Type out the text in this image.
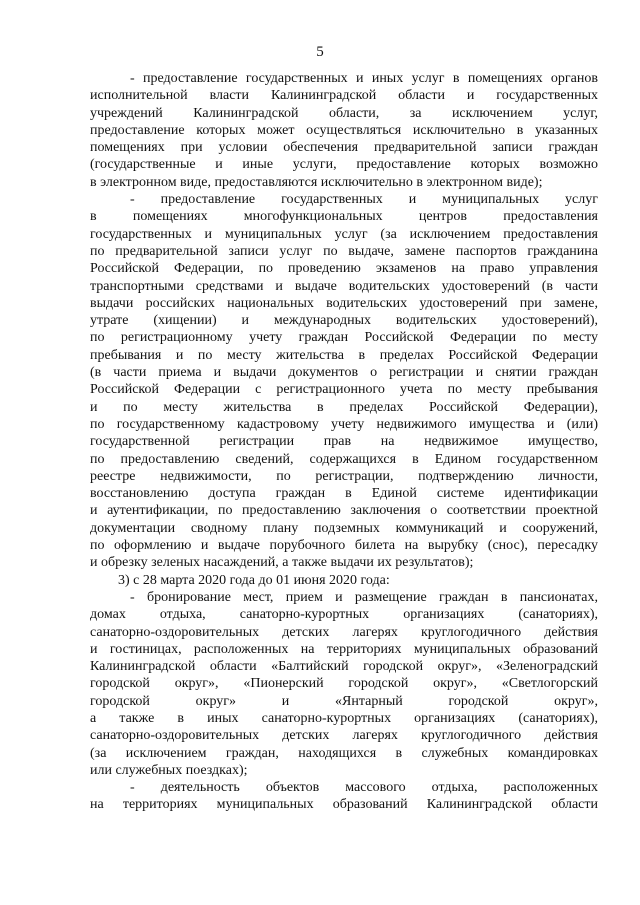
5
- предоставление государственных и иных услуг в помещениях органов
исполнительной власти Калининградской области и государственных
учреждений Калининградской области, за исключением услуг,
предоставление которых может осуществляться исключительно в указанных
помещениях при условии обеспечения предварительной записи граждан
(государственные и иные услуги, предоставление которых возможно
в электронном виде, предоставляются исключительно в электронном виде);
- предоставление государственных и муниципальных услуг
в помещениях многофункциональных центров предоставления
государственных и муниципальных услуг (за исключением предоставления
по предварительной записи услуг по выдаче, замене паспортов гражданина
Российской Федерации, по проведению экзаменов на право управления
транспортными средствами и выдаче водительских удостоверений (в части
выдачи российских национальных водительских удостоверений при замене,
утрате (хищении) и международных водительских удостоверений),
по регистрационному учету граждан Российской Федерации по месту
пребывания и по месту жительства в пределах Российской Федерации
(в части приема и выдачи документов о регистрации и снятии граждан
Российской Федерации с регистрационного учета по месту пребывания
и по месту жительства в пределах Российской Федерации),
по государственному кадастровому учету недвижимого имущества и (или)
государственной регистрации прав на недвижимое имущество,
по предоставлению сведений, содержащихся в Едином государственном
реестре недвижимости, по регистрации, подтверждению личности,
восстановлению доступа граждан в Единой системе идентификации
и аутентификации, по предоставлению заключения о соответствии проектной
документации сводному плану подземных коммуникаций и сооружений,
по оформлению и выдаче порубочного билета на вырубку (снос), пересадку
и обрезку зеленых насаждений, а также выдачи их результатов);
3) с 28 марта 2020 года до 01 июня 2020 года:
- бронирование мест, прием и размещение граждан в пансионатах,
домах отдыха, санаторно-курортных организациях (санаториях),
санаторно-оздоровительных детских лагерях круглогодичного действия
и гостиницах, расположенных на территориях муниципальных образований
Калининградской области «Балтийский городской округ», «Зеленоградский
городской округ», «Пионерский городской округ», «Светлогорский
городской округ» и «Янтарный городской округ»,
а также в иных санаторно-курортных организациях (санаториях),
санаторно-оздоровительных детских лагерях круглогодичного действия
(за исключением граждан, находящихся в служебных командировках
или служебных поездках);
- деятельность объектов массового отдыха, расположенных
на территориях муниципальных образований Калининградской области
